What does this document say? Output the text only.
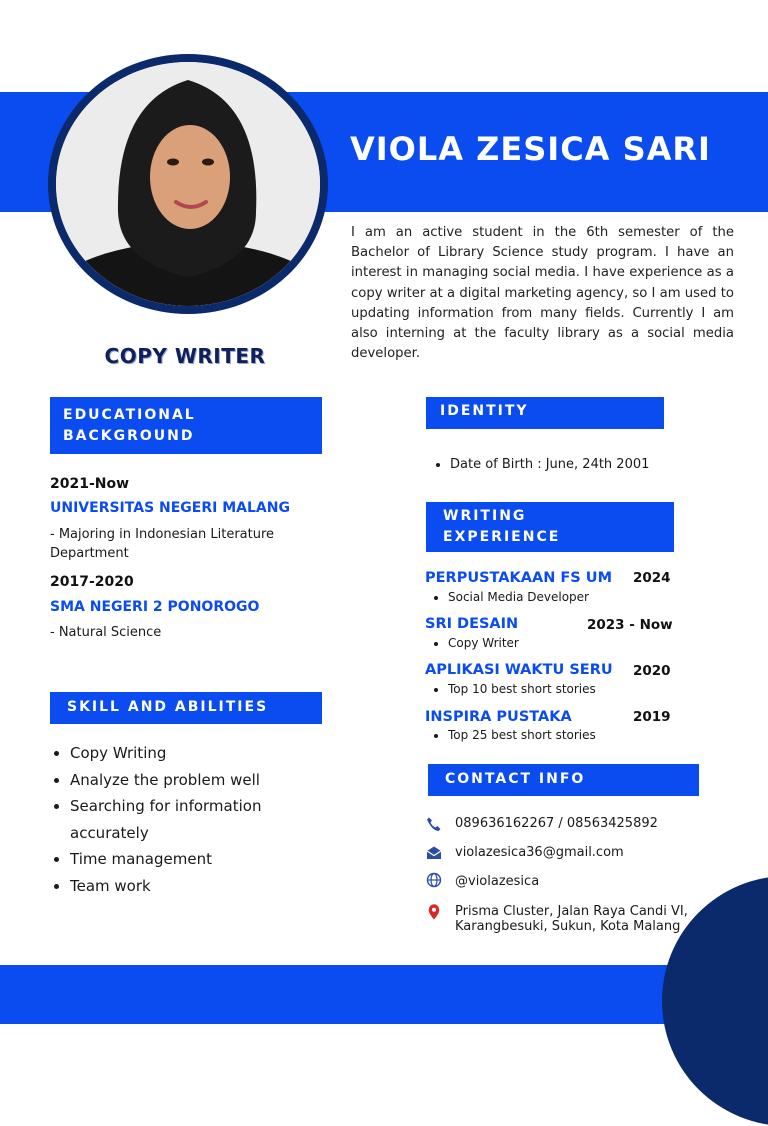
VIOLA ZESICA SARI
I am an active student in the 6th semester of the Bachelor of Library Science study program. I have an interest in managing social media. I have experience as a copy writer at a digital marketing agency, so I am used to updating information from many fields. Currently I am also interning at the faculty library as a social media developer.
COPY WRITER
EDUCATIONAL
BACKGROUND
2021-Now
UNIVERSITAS NEGERI MALANG
- Majoring in Indonesian Literature Department
2017-2020
SMA NEGERI 2 PONOROGO
- Natural Science
SKILL AND ABILITIES
• Copy Writing
• Analyze the problem well
• Searching for information accurately
• Time management
• Team work
IDENTITY
• Date of Birth : June, 24th 2001
WRITING
EXPERIENCE
PERPUSTAKAAN FS UM 2024
• Social Media Developer
SRI DESAIN	2023 - Now
• Copy Writer
APLIKASI WAKTU SERU 2020
• Top 10 best short stories
INSPIRA PUSTAKA	2019
• Top 25 best short stories
CONTACT INFO
089636162267 / 08563425892
violazesica36@gmail.com
@violazesica
Prisma Cluster, Jalan Raya Candi VI, Karangbesuki, Sukun, Kota Malang
